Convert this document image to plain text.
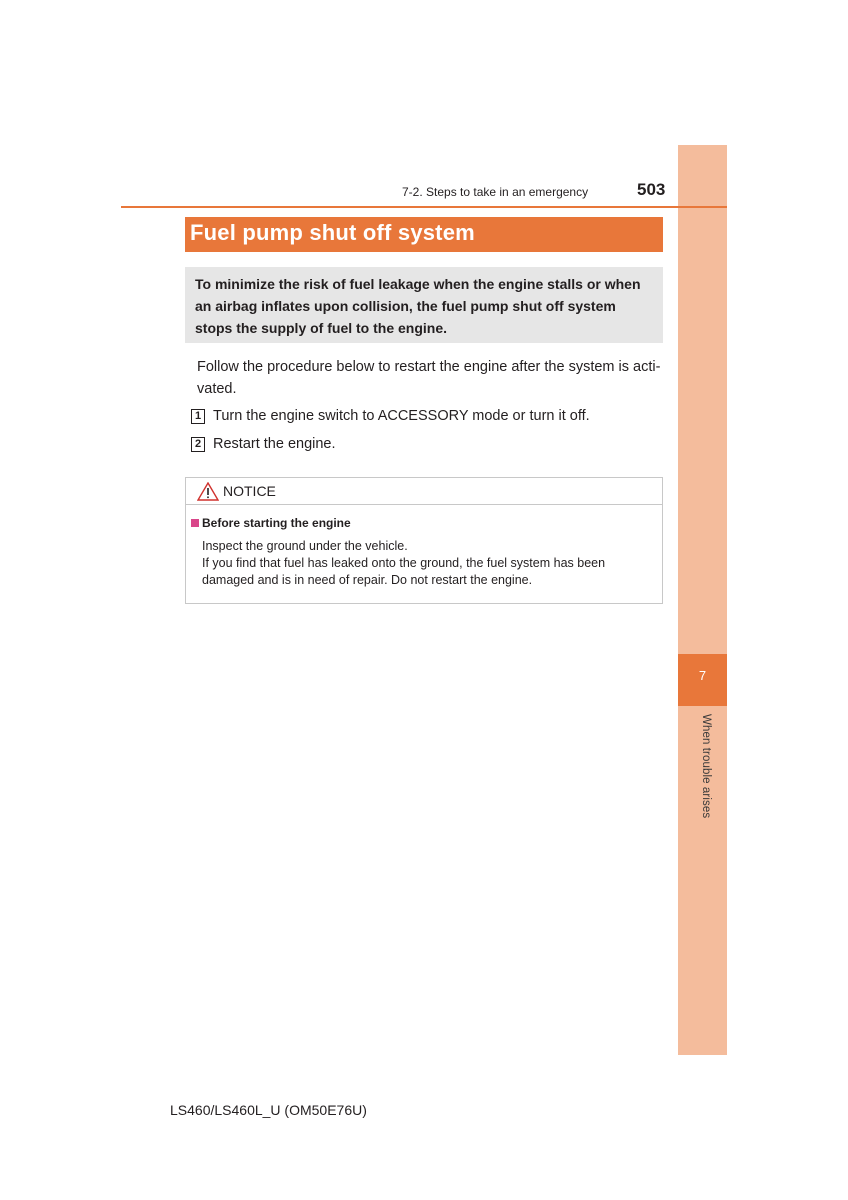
7
When trouble arises
7-2. Steps to take in an emergency	503
Fuel pump shut off system
To minimize the risk of fuel leakage when the engine stalls or when an airbag inflates upon collision, the fuel pump shut off system stops the supply of fuel to the engine.
Follow the procedure below to restart the engine after the system is acti-
vated.
1 Turn the engine switch to ACCESSORY mode or turn it off.
2 Restart the engine.
NOTICE
Before starting the engine
Inspect the ground under the vehicle.
If you find that fuel has leaked onto the ground, the fuel system has been damaged and is in need of repair. Do not restart the engine.
LS460/LS460L_U (OM50E76U)
